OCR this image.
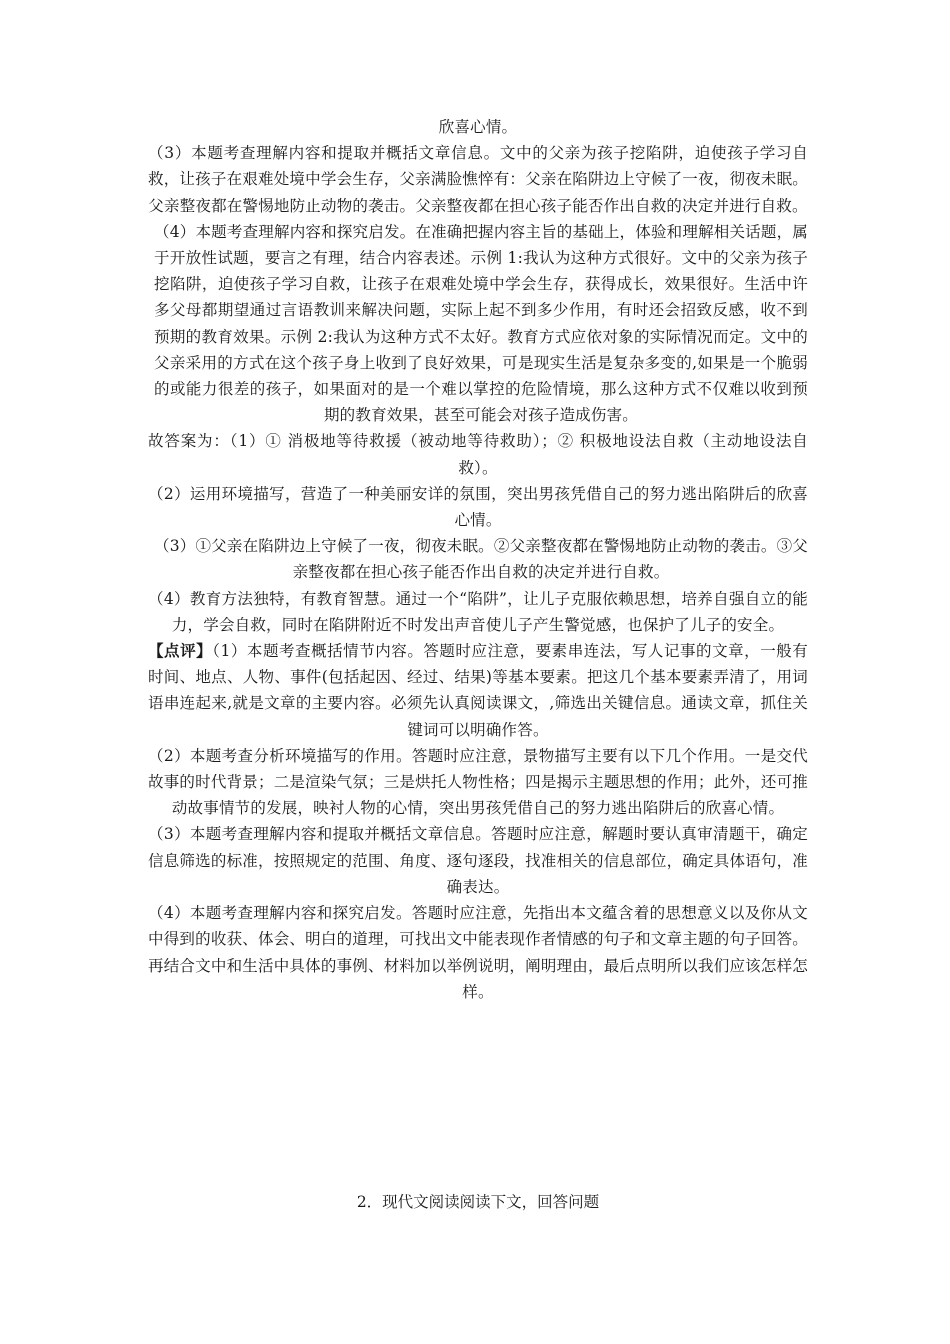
欣喜心情。

（3）本题考查理解内容和提取并概括文章信息。文中的父亲为孩子挖陷阱，迫使孩子学习自救，让孩子在艰难处境中学会生存，父亲满脸憔悴有：父亲在陷阱边上守候了一夜，彻夜未眠。父亲整夜都在警惕地防止动物的袭击。父亲整夜都在担心孩子能否作出自救的决定并进行自救。

（4）本题考查理解内容和探究启发。在准确把握内容主旨的基础上，体验和理解相关话题，属于开放性试题，要言之有理，结合内容表述。示例 1:我认为这种方式很好。文中的父亲为孩子挖陷阱，迫使孩子学习自救，让孩子在艰难处境中学会生存，获得成长，效果很好。生活中许多父母都期望通过言语教训来解决问题，实际上起不到多少作用，有时还会招致反感，收不到预期的教育效果。示例 2:我认为这种方式不太好。教育方式应依对象的实际情况而定。文中的父亲采用的方式在这个孩子身上收到了良好效果，可是现实生活是复杂多变的,如果是一个脆弱的或能力很差的孩子，如果面对的是一个难以掌控的危险情境，那么这种方式不仅难以收到预期的教育效果，甚至可能会对孩子造成伤害。

故答案为：（1）① 消极地等待救援（被动地等待救助）；② 积极地设法自救（主动地设法自救）。

（2）运用环境描写，营造了一种美丽安详的氛围，突出男孩凭借自己的努力逃出陷阱后的欣喜心情。

（3）①父亲在陷阱边上守候了一夜，彻夜未眠。②父亲整夜都在警惕地防止动物的袭击。③父亲整夜都在担心孩子能否作出自救的决定并进行自救。

（4）教育方法独特，有教育智慧。通过一个“陷阱”，让儿子克服依赖思想，培养自强自立的能力，学会自救，同时在陷阱附近不时发出声音使儿子产生警觉感，也保护了儿子的安全。

【点评】（1）本题考查概括情节内容。答题时应注意，要素串连法，写人记事的文章，一般有时间、地点、人物、事件(包括起因、经过、结果)等基本要素。把这几个基本要素弄清了，用词语串连起来,就是文章的主要内容。必须先认真阅读课文，,筛选出关键信息。通读文章，抓住关键词可以明确作答。

（2）本题考查分析环境描写的作用。答题时应注意，景物描写主要有以下几个作用。一是交代故事的时代背景；二是渲染气氛；三是烘托人物性格；四是揭示主题思想的作用；此外，还可推动故事情节的发展，映衬人物的心情，突出男孩凭借自己的努力逃出陷阱后的欣喜心情。

（3）本题考查理解内容和提取并概括文章信息。答题时应注意，解题时要认真审清题干，确定信息筛选的标准，按照规定的范围、角度、逐句逐段，找准相关的信息部位，确定具体语句，准确表达。

（4）本题考查理解内容和探究启发。答题时应注意，先指出本文蕴含着的思想意义以及你从文中得到的收获、体会、明白的道理，可找出文中能表现作者情感的句子和文章主题的句子回答。再结合文中和生活中具体的事例、材料加以举例说明，阐明理由，最后点明所以我们应该怎样怎样。

2．现代文阅读阅读下文，回答问题
